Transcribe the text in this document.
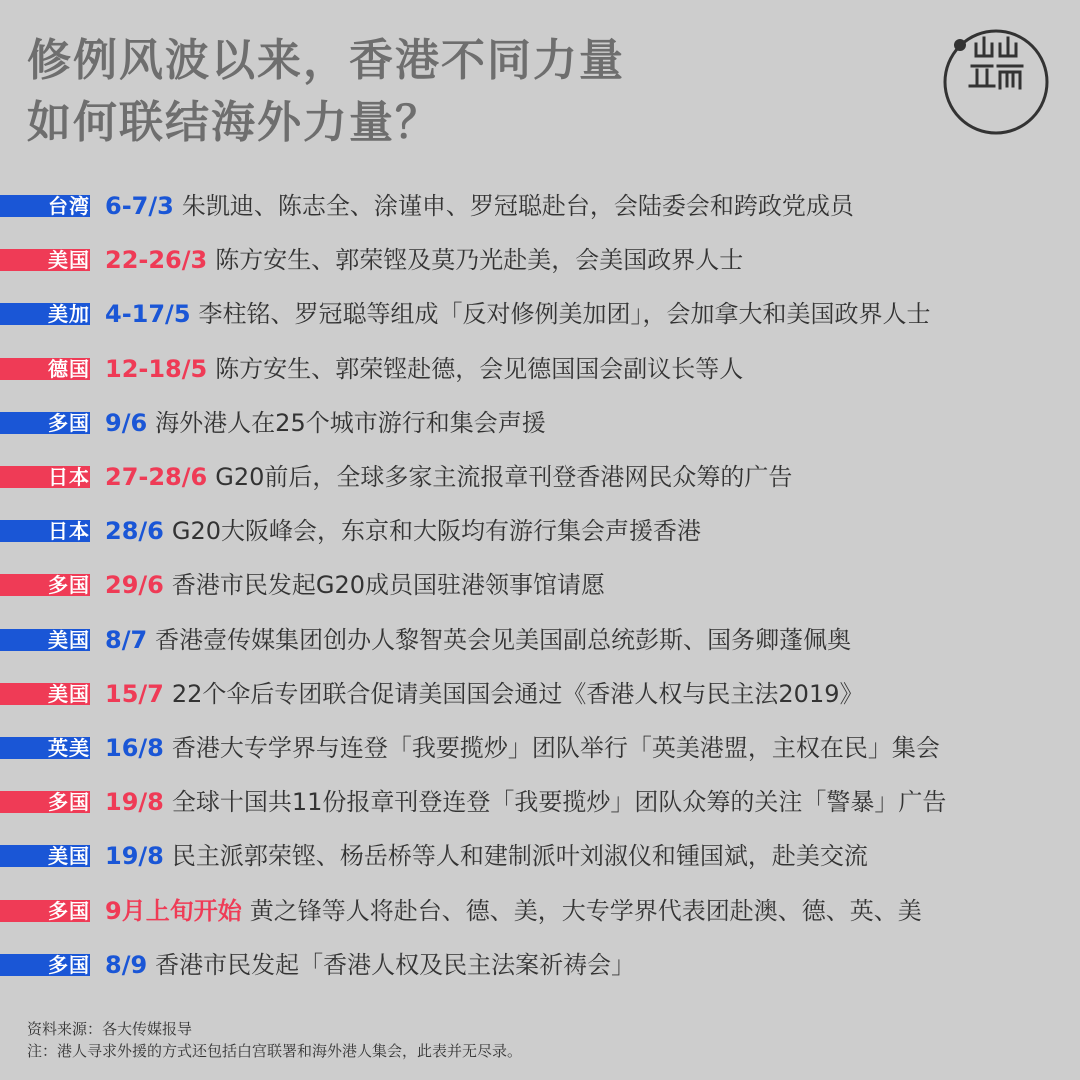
修例风波以来，香港不同力量
如何联结海外力量？
台湾 6-7/3 朱凯迪、陈志全、涂谨申、罗冠聪赴台，会陆委会和跨政党成员
美国 22-26/3 陈方安生、郭荣铿及莫乃光赴美，会美国政界人士
美加 4-17/5 李柱铭、罗冠聪等组成「反对修例美加团」，会加拿大和美国政界人士
德国 12-18/5 陈方安生、郭荣铿赴德，会见德国国会副议长等人
多国 9/6 海外港人在25个城市游行和集会声援
日本 27-28/6 G20前后，全球多家主流报章刊登香港网民众筹的广告
日本 28/6 G20大阪峰会，东京和大阪均有游行集会声援香港
多国 29/6 香港市民发起G20成员国驻港领事馆请愿
美国 8/7 香港壹传媒集团创办人黎智英会见美国副总统彭斯、国务卿蓬佩奥
美国 15/7 22个伞后专团联合促请美国国会通过《香港人权与民主法2019》
英美 16/8 香港大专学界与连登「我要揽炒」团队举行「英美港盟，主权在民」集会
多国 19/8 全球十国共11份报章刊登连登「我要揽炒」团队众筹的关注「警暴」广告
美国 19/8 民主派郭荣铿、杨岳桥等人和建制派叶刘淑仪和锺国斌，赴美交流
多国 9月上旬开始 黄之锋等人将赴台、德、美，大专学界代表团赴澳、德、英、美
多国 8/9 香港市民发起「香港人权及民主法案祈祷会」
资料来源：各大传媒报导
注：港人寻求外援的方式还包括白宫联署和海外港人集会，此表并无尽录。
